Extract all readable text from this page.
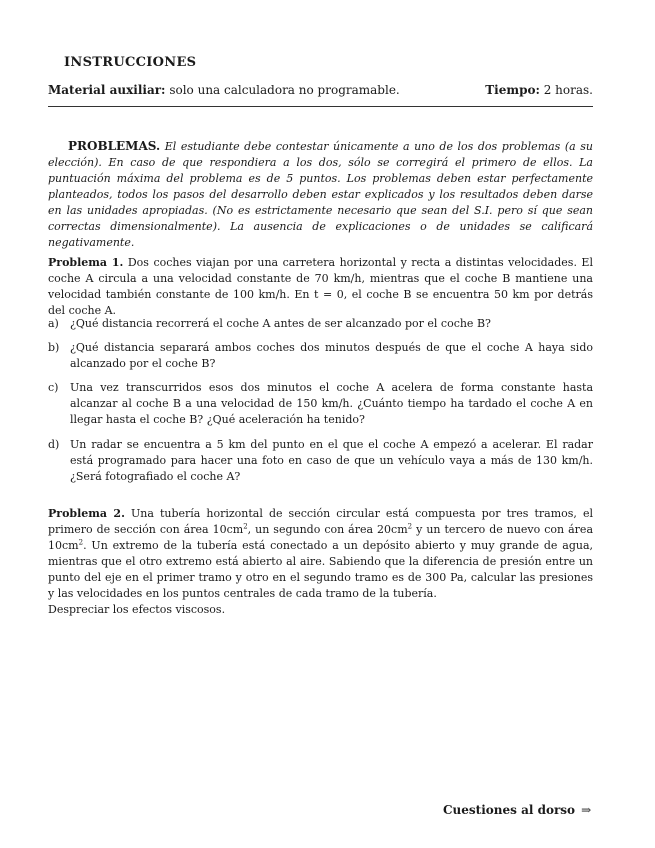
INSTRUCCIONES
Material auxiliar: solo una calculadora no programable.	Tiempo: 2 horas.
PROBLEMAS. El estudiante debe contestar únicamente a uno de los dos problemas (a su elección). En caso de que respondiera a los dos, sólo se corregirá el primero de ellos. La puntuación máxima del problema es de 5 puntos. Los problemas deben estar perfectamente planteados, todos los pasos del desarrollo deben estar explicados y los resultados deben darse en las unidades apropiadas. (No es estrictamente necesario que sean del S.I. pero sí que sean correctas dimensionalmente). La ausencia de explicaciones o de unidades se calificará negativamente.
Problema 1. Dos coches viajan por una carretera horizontal y recta a distintas velocidades. El coche A circula a una velocidad constante de 70 km/h, mientras que el coche B mantiene una velocidad también constante de 100 km/h. En t = 0, el coche B se encuentra 50 km por detrás del coche A.
a)	¿Qué distancia recorrerá el coche A antes de ser alcanzado por el coche B?
b) ¿Qué distancia separará ambos coches dos minutos después de que el coche A haya sido alcanzado por el coche B?
c)	Una vez transcurridos esos dos minutos el coche A acelera de forma constante hasta alcanzar al coche B a una velocidad de 150 km/h. ¿Cuánto tiempo ha tardado el coche A en llegar hasta el coche B? ¿Qué aceleración ha tenido?
d) Un radar se encuentra a 5 km del punto en el que el coche A empezó a acelerar. El radar está programado para hacer una foto en caso de que un vehículo vaya a más de 130 km/h. ¿Será fotografiado el coche A?
Problema 2. Una tubería horizontal de sección circular está compuesta por tres tramos, el primero de sección con área $10cm^2$, un segundo con área $20cm^2$ y un tercero de nuevo con área $10cm^2$. Un extremo de la tubería está conectado a un depósito abierto y muy grande de agua, mientras que el otro extremo está abierto al aire. Sabiendo que la diferencia de presión entre un punto del eje en el primer tramo y otro en el segundo tramo es de 300 Pa, calcular las presiones y las velocidades en los puntos centrales de cada tramo de la tubería.
Despreciar los efectos viscosos.
Cuestiones al dorso ⇒
